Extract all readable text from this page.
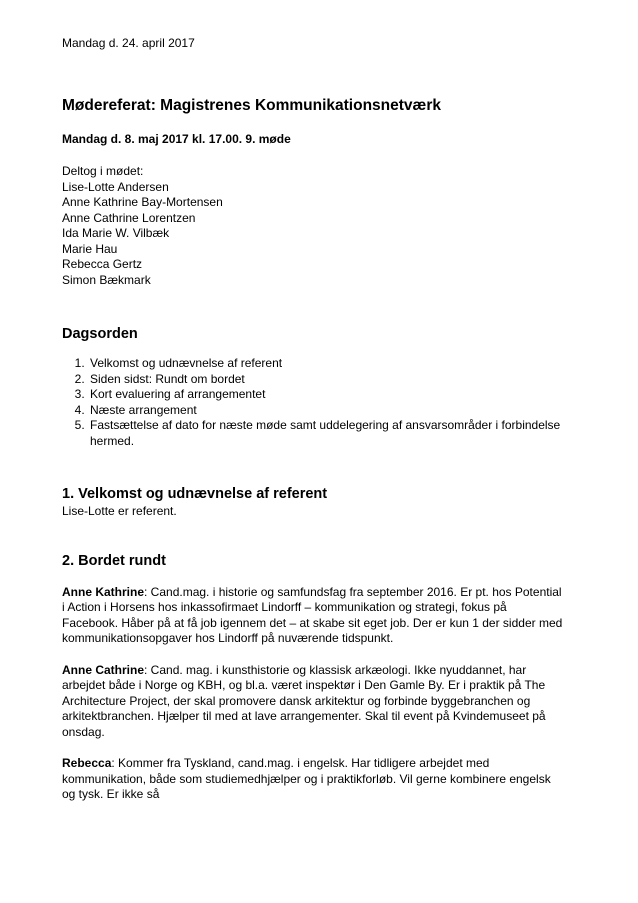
Mandag d. 24. april 2017

Mødereferat: Magistrenes Kommunikationsnetværk

Mandag d. 8. maj 2017 kl. 17.00. 9. møde

Deltog i mødet:
Lise-Lotte Andersen
Anne Kathrine Bay-Mortensen
Anne Cathrine Lorentzen
Ida Marie W. Vilbæk
Marie Hau
Rebecca Gertz
Simon Bækmark
Dagsorden
1. Velkomst og udnævnelse af referent
2. Siden sidst: Rundt om bordet
3. Kort evaluering af arrangementet
4. Næste arrangement
5. Fastsættelse af dato for næste møde samt uddelegering af ansvarsområder i forbindelse hermed.
1. Velkomst og udnævnelse af referent

Lise-Lotte er referent.

2. Bordet rundt

Anne Kathrine: Cand.mag. i historie og samfundsfag fra september 2016. Er pt. hos Potential i Action i Horsens hos inkassofirmaet Lindorff – kommunikation og strategi, fokus på Facebook. Håber på at få job igennem det – at skabe sit eget job. Der er kun 1 der sidder med kommunikationsopgaver hos Lindorff på nuværende tidspunkt.

Anne Cathrine: Cand. mag. i kunsthistorie og klassisk arkæologi. Ikke nyuddannet, har arbejdet både i Norge og KBH, og bl.a. været inspektør i Den Gamle By. Er i praktik på The Architecture Project, der skal promovere dansk arkitektur og forbinde byggebranchen og arkitektbranchen. Hjælper til med at lave arrangementer. Skal til event på Kvindemuseet på onsdag.

Rebecca: Kommer fra Tyskland, cand.mag. i engelsk. Har tidligere arbejdet med kommunikation, både som studiemedhjælper og i praktikforløb. Vil gerne kombinere engelsk og tysk. Er ikke så
